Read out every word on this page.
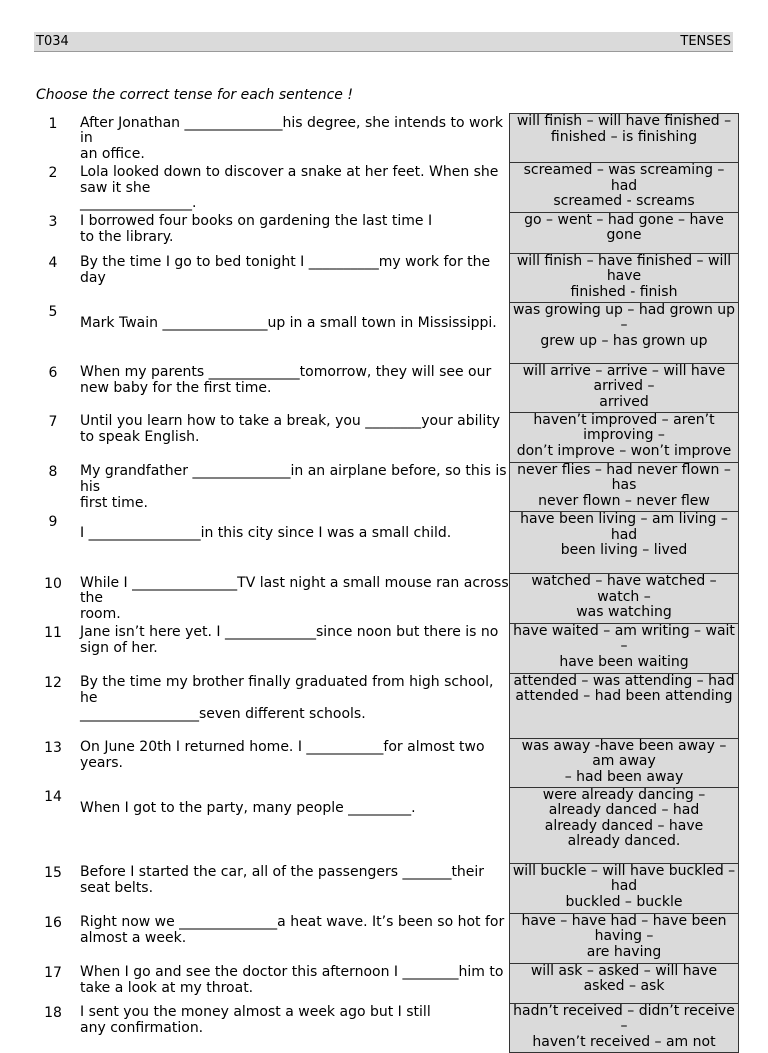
T034	TENSES
Choose the correct tense for each sentence !
1	After Jonathan ______________his degree, she intends to work in
an office.	will finish – will have finished –
finished – is finishing
2	Lola looked down to discover a snake at her feet. When she saw it she
________________.	screamed – was screaming – had
screamed - screams
3	I borrowed four books on gardening the last time I
to the library.	go – went – had gone – have gone
4	By the time I go to bed tonight I __________my work for the
day	will finish – have finished – will have
finished - finish
5	Mark Twain _______________up in a small town in Mississippi.	was growing up – had grown up –
grew up – has grown up
6	When my parents _____________tomorrow, they will see our
new baby for the first time.	will arrive – arrive – will have arrived –
arrived
7	Until you learn how to take a break, you ________your ability to speak English.	haven’t improved – aren’t improving –
don’t improve – won’t improve
8	My grandfather ______________in an airplane before, so this is his
first time.	never flies – had never flown – has
never flown – never flew
9	I ________________in this city since I was a small child.	have been living – am living – had
been living – lived
10	While I _______________TV last night a small mouse ran across the
room.	watched – have watched – watch –
was watching
11	Jane isn’t here yet. I _____________since noon but there is no
sign of her.	have waited – am writing – wait –
have been waiting
12	By the time my brother finally graduated from high school, he
_________________seven different schools.	attended – was attending – had
attended – had been attending
13	On June 20th I returned home. I ___________for almost two years.	was away -have been away – am away
– had been away
14	When I got to the party, many people _________.	were already dancing –
already danced – had
already danced – have
already danced.
15	Before I started the car, all of the passengers _______their seat belts.	will buckle – will have buckled – had
buckled – buckle
16	Right now we ______________a heat wave. It’s been so hot for
almost a week.	have – have had – have been having –
are having
17	When I go and see the doctor this afternoon I ________him to take a look at my throat.	will ask – asked – will have
asked – ask
18	I sent you the money almost a week ago but I still
any confirmation.	hadn’t received – didn’t receive –
haven’t received – am not
